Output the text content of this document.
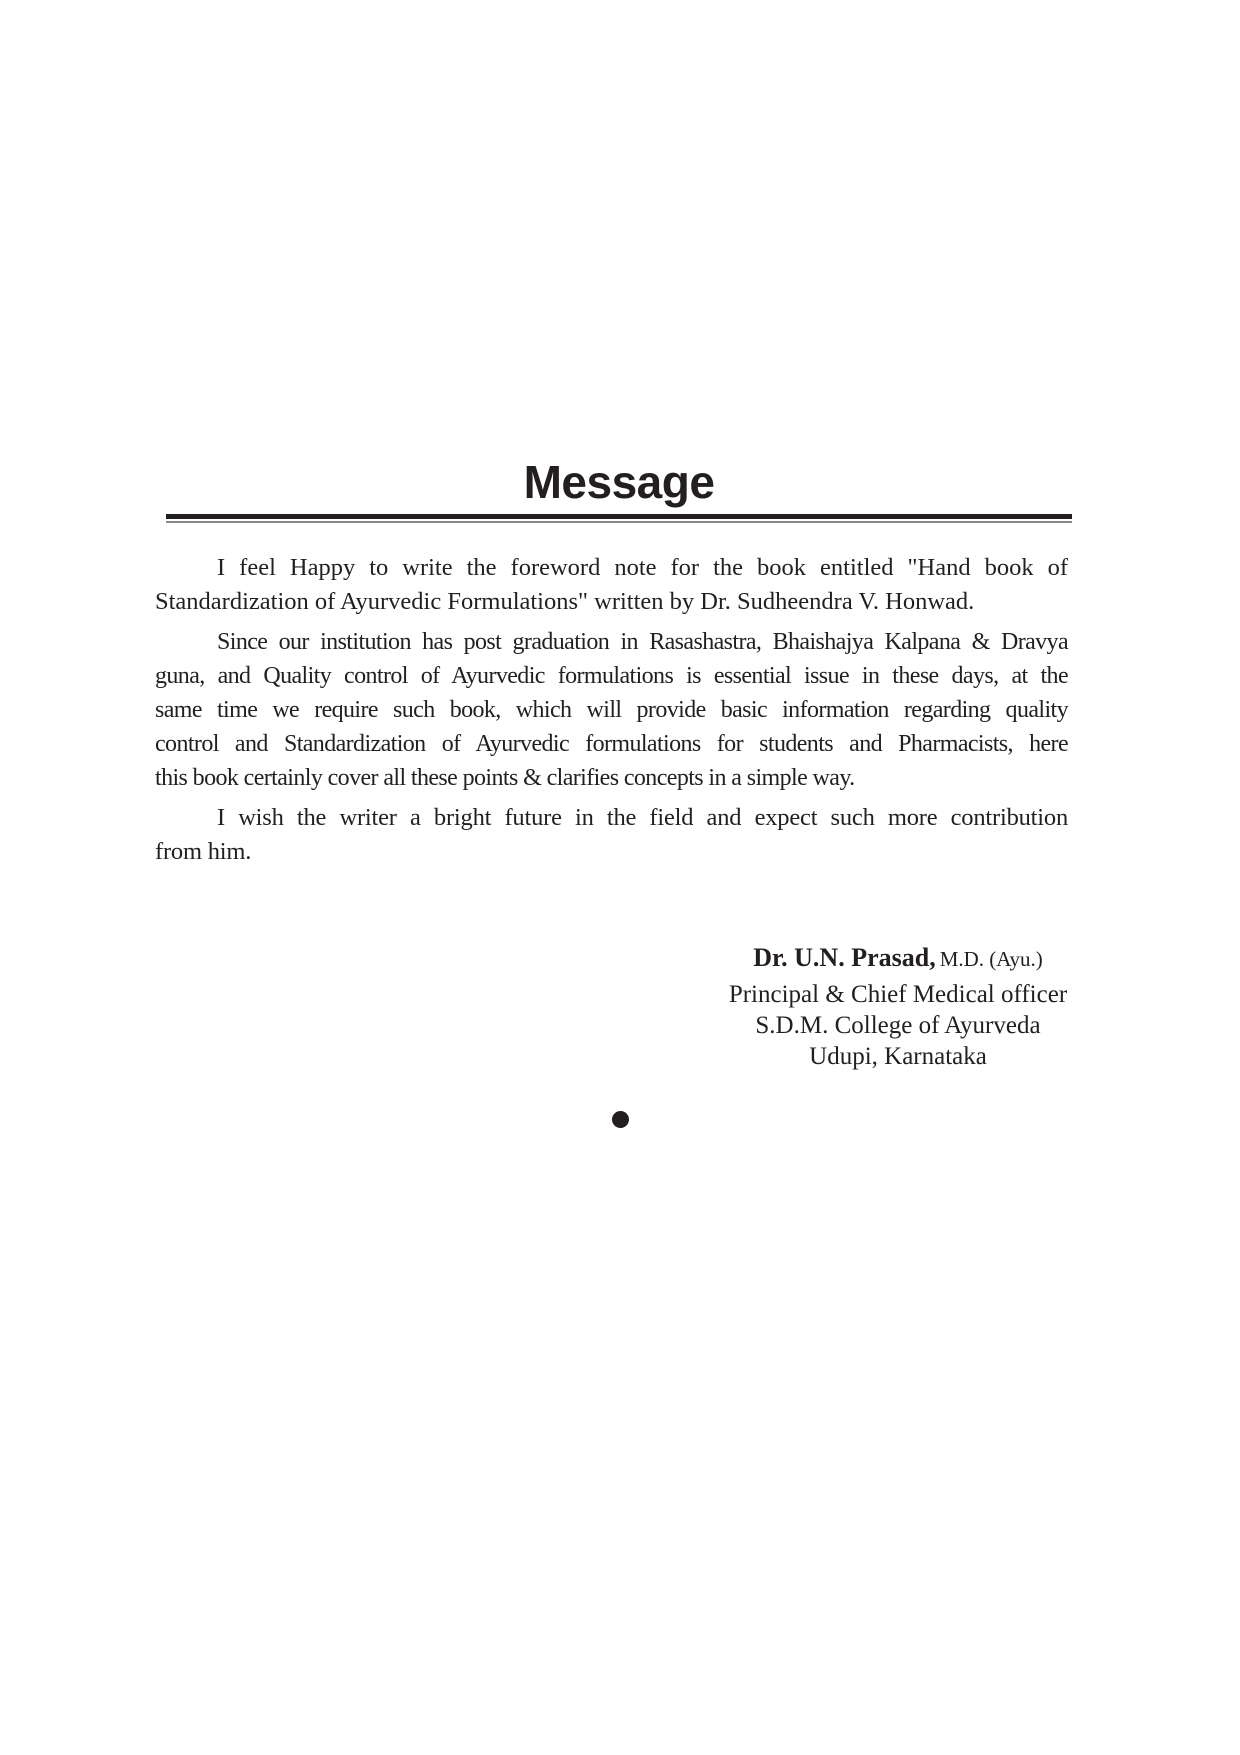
Message
I feel Happy to write the foreword note for the book entitled "Hand book of
Standardization of Ayurvedic Formulations" written by Dr. Sudheendra V. Honwad.
Since our institution has post graduation in Rasashastra, Bhaishajya Kalpana & Dravya
guna, and Quality control of Ayurvedic formulations is essential issue in these days, at the
same time we require such book, which will provide basic information regarding quality
control and Standardization of Ayurvedic formulations for students and Pharmacists, here
this book certainly cover all these points & clarifies concepts in a simple way.
I wish the writer a bright future in the field and expect such more contribution
from him.
Dr. U.N. Prasad, M.D. (Ayu.)
Principal & Chief Medical officer
S.D.M. College of Ayurveda
Udupi, Karnataka
